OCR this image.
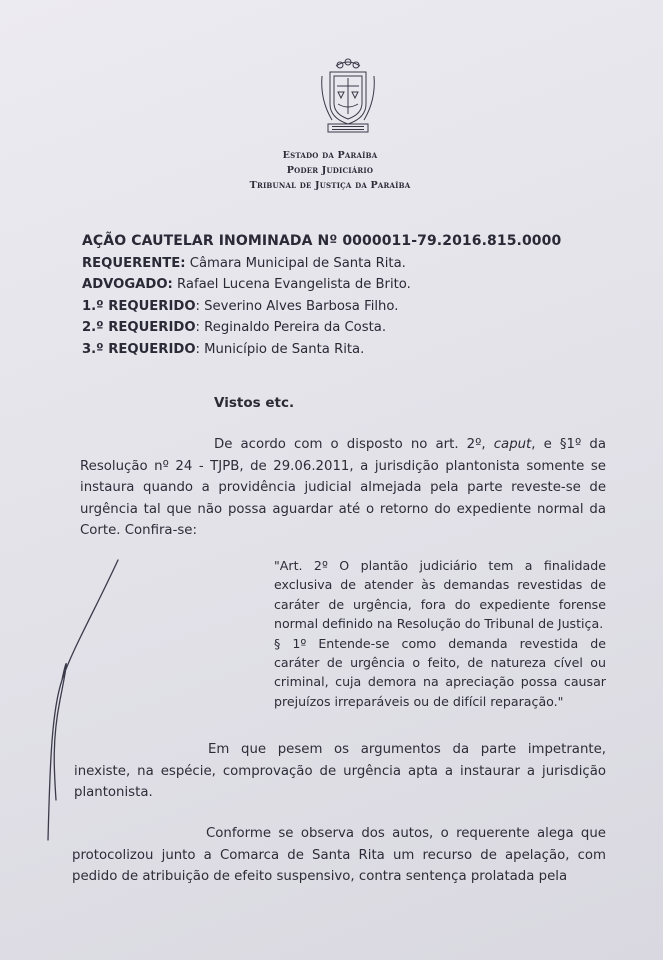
Estado da Paraíba
Poder Judiciário
Tribunal de Justiça da Paraíba
AÇÃO CAUTELAR INOMINADA Nº 0000011-79.2016.815.0000
REQUERENTE: Câmara Municipal de Santa Rita.
ADVOGADO: Rafael Lucena Evangelista de Brito.
1.º REQUERIDO: Severino Alves Barbosa Filho.
2.º REQUERIDO: Reginaldo Pereira da Costa.
3.º REQUERIDO: Município de Santa Rita.
Vistos etc.
De acordo com o disposto no art. 2º, caput, e §1º da Resolução nº 24 - TJPB, de 29.06.2011, a jurisdição plantonista somente se instaura quando a providência judicial almejada pela parte reveste-se de urgência tal que não possa aguardar até o retorno do expediente normal da Corte. Confira-se:
"Art. 2º O plantão judiciário tem a finalidade exclusiva de atender às demandas revestidas de caráter de urgência, fora do expediente forense normal definido na Resolução do Tribunal de Justiça.
§ 1º Entende-se como demanda revestida de caráter de urgência o feito, de natureza cível ou criminal, cuja demora na apreciação possa causar prejuízos irreparáveis ou de difícil reparação."
Em que pesem os argumentos da parte impetrante, inexiste, na espécie, comprovação de urgência apta a instaurar a jurisdição plantonista.
Conforme se observa dos autos, o requerente alega que protocolizou junto a Comarca de Santa Rita um recurso de apelação, com pedido de atribuição de efeito suspensivo, contra sentença prolatada pela
